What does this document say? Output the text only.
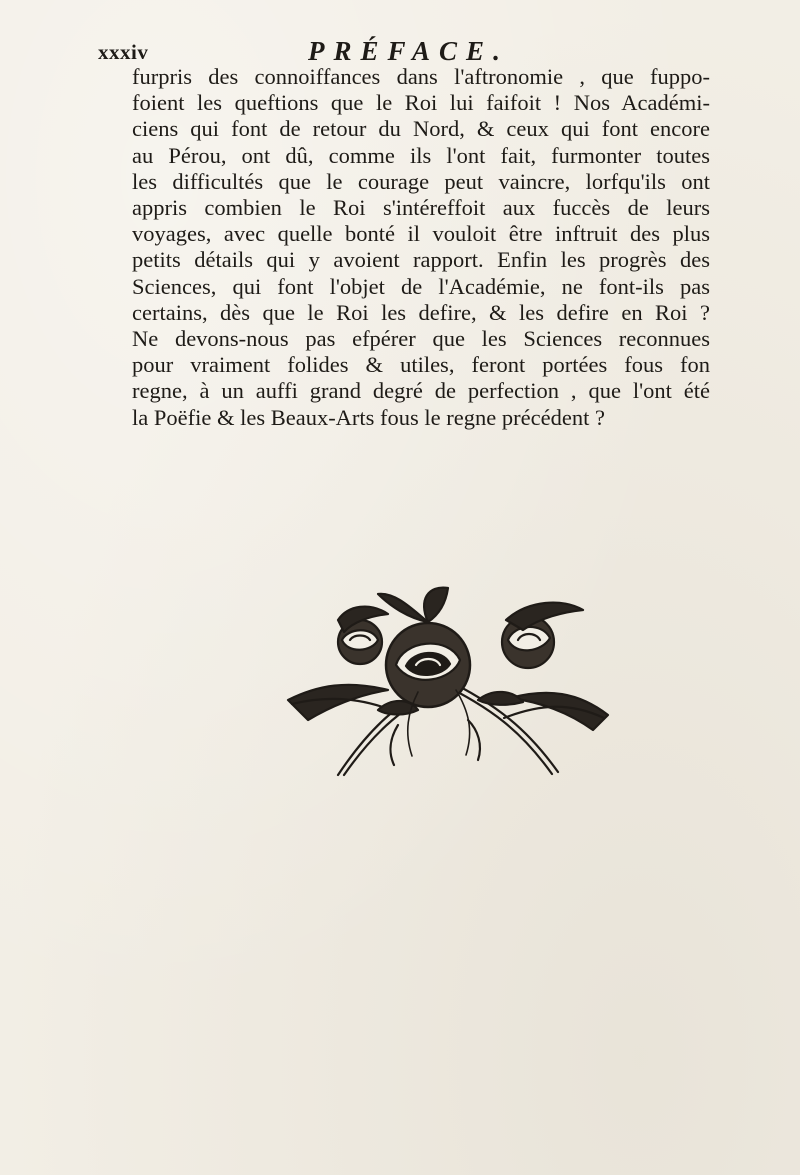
xxxiv	PRÉFACE.
furpris des connoiffances dans l'aftronomie , que fuppo-
foient les queftions que le Roi lui faifoit ! Nos Académi-
ciens qui font de retour du Nord, & ceux qui font encore
au Pérou, ont dû, comme ils l'ont fait, furmonter toutes
les difficultés que le courage peut vaincre, lorfqu'ils ont
appris combien le Roi s'intéreffoit aux fuccès de leurs
voyages, avec quelle bonté il vouloit être inftruit des plus
petits détails qui y avoient rapport. Enfin les progrès des
Sciences, qui font l'objet de l'Académie, ne font-ils pas
certains, dès que le Roi les defire, & les defire en Roi ?
Ne devons-nous pas efpérer que les Sciences reconnues
pour vraiment folides & utiles, feront portées fous fon
regne, à un auffi grand degré de perfection , que l'ont été
la Poëfie & les Beaux-Arts fous le regne précédent ?
